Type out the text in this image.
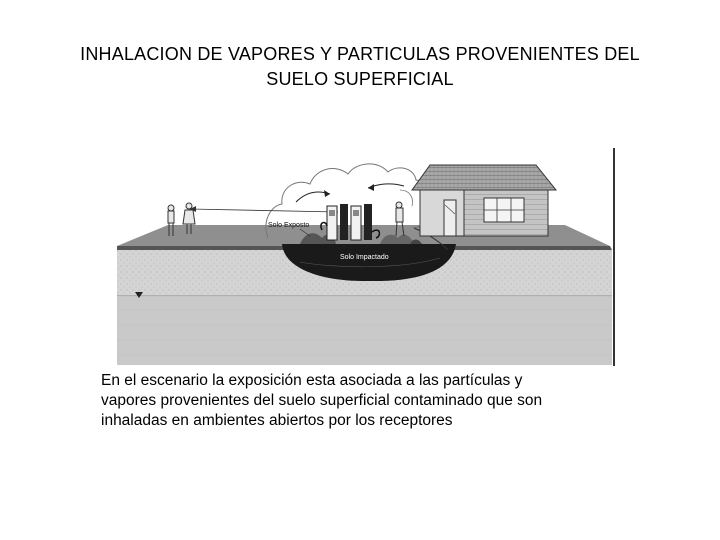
INHALACION DE VAPORES Y PARTICULAS PROVENIENTES DEL
SUELO SUPERFICIAL
Solo Impactado
Solo Exposto
En el escenario la exposición esta asociada a las partículas y
vapores provenientes del suelo superficial contaminado que son
inhaladas en ambientes abiertos por los receptores
